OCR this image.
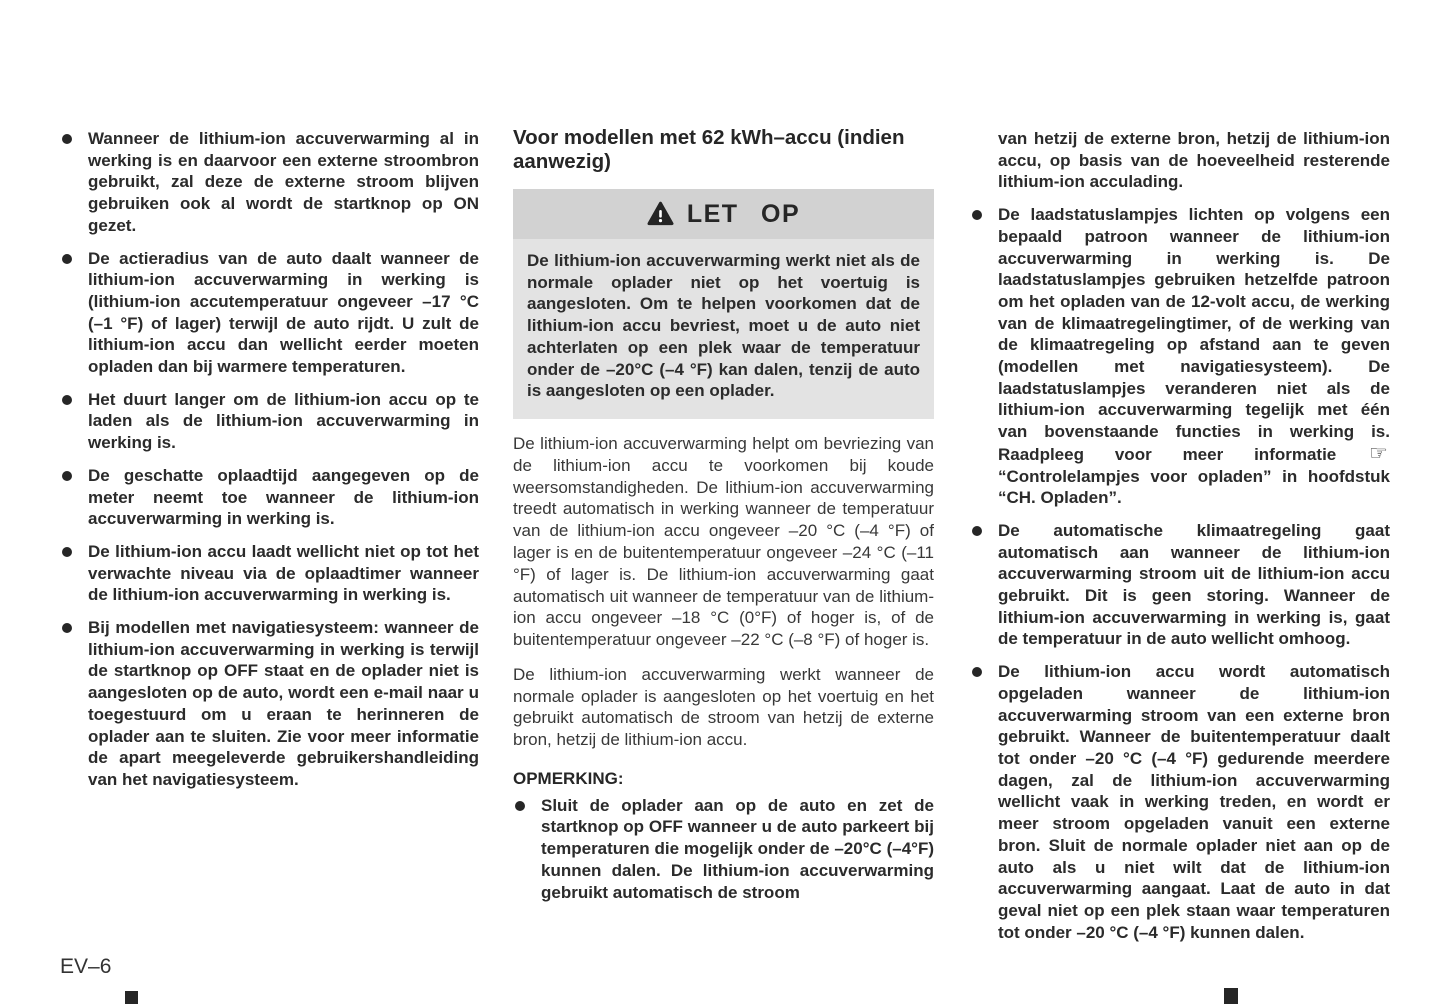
Wanneer de lithium-ion accuverwarming al in werking is en daarvoor een externe stroombron gebruikt, zal deze de externe stroom blijven gebruiken ook al wordt de startknop op ON gezet.

De actieradius van de auto daalt wanneer de lithium-ion accuverwarming in werking is (lithium-ion accutemperatuur ongeveer –17 °C (–1 °F) of lager) terwijl de auto rijdt. U zult de lithium-ion accu dan wellicht eerder moeten opladen dan bij warmere temperaturen.

Het duurt langer om de lithium-ion accu op te laden als de lithium-ion accuverwarming in werking is.

De geschatte oplaadtijd aangegeven op de meter neemt toe wanneer de lithium-ion accuverwarming in werking is.

De lithium-ion accu laadt wellicht niet op tot het verwachte niveau via de oplaadtimer wanneer de lithium-ion accuverwarming in werking is.

Bij modellen met navigatiesysteem: wanneer de lithium-ion accuverwarming in werking is terwijl de startknop op OFF staat en de oplader niet is aangesloten op de auto, wordt een e-mail naar u toegestuurd om u eraan te herinneren de oplader aan te sluiten. Zie voor meer informatie de apart meegeleverde gebruikershandleiding van het navigatiesysteem.

Voor modellen met 62 kWh–accu (indien aanwezig)
LET OP

De lithium-ion accuverwarming werkt niet als de normale oplader niet op het voertuig is aangesloten. Om te helpen voorkomen dat de lithium-ion accu bevriest, moet u de auto niet achterlaten op een plek waar de temperatuur onder de –20°C (–4 °F) kan dalen, tenzij de auto is aangesloten op een oplader.

De lithium-ion accuverwarming helpt om bevriezing van de lithium-ion accu te voorkomen bij koude weersomstandigheden. De lithium-ion accuverwarming treedt automatisch in werking wanneer de temperatuur van de lithium-ion accu ongeveer –20 °C (–4 °F) of lager is en de buitentemperatuur ongeveer –24 °C (–11 °F) of lager is. De lithium-ion accuverwarming gaat automatisch uit wanneer de temperatuur van de lithium-ion accu ongeveer –18 °C (0°F) of hoger is, of de buitentemperatuur ongeveer –22 °C (–8 °F) of hoger is.

De lithium-ion accuverwarming werkt wanneer de normale oplader is aangesloten op het voertuig en het gebruikt automatisch de stroom van hetzij de externe bron, hetzij de lithium-ion accu.

OPMERKING:

Sluit de oplader aan op de auto en zet de startknop op OFF wanneer u de auto parkeert bij temperaturen die mogelijk onder de –20°C (–4°F) kunnen dalen. De lithium-ion accuverwarming gebruikt automatisch de stroom

van hetzij de externe bron, hetzij de lithium-ion accu, op basis van de hoeveelheid resterende lithium-ion acculading.

De laadstatuslampjes lichten op volgens een bepaald patroon wanneer de lithium-ion accuverwarming in werking is. De laadstatuslampjes gebruiken hetzelfde patroon om het opladen van de 12-volt accu, de werking van de klimaatregelingtimer, of de werking van de klimaatregeling op afstand aan te geven (modellen met navigatiesysteem). De laadstatuslampjes veranderen niet als de lithium-ion accuverwarming tegelijk met één van bovenstaande functies in werking is. Raadpleeg voor meer informatie ☞ “Controlelampjes voor opladen” in hoofdstuk “CH. Opladen”.

De automatische klimaatregeling gaat automatisch aan wanneer de lithium-ion accuverwarming stroom uit de lithium-ion accu gebruikt. Dit is geen storing. Wanneer de lithium-ion accuverwarming in werking is, gaat de temperatuur in de auto wellicht omhoog.

De lithium-ion accu wordt automatisch opgeladen wanneer de lithium-ion accuverwarming stroom van een externe bron gebruikt. Wanneer de buitentemperatuur daalt tot onder –20 °C (–4 °F) gedurende meerdere dagen, zal de lithium-ion accuverwarming wellicht vaak in werking treden, en wordt er meer stroom opgeladen vanuit een externe bron. Sluit de normale oplader niet aan op de auto als u niet wilt dat de lithium-ion accuverwarming aangaat. Laat de auto in dat geval niet op een plek staan waar temperaturen tot onder –20 °C (–4 °F) kunnen dalen.

EV–6
